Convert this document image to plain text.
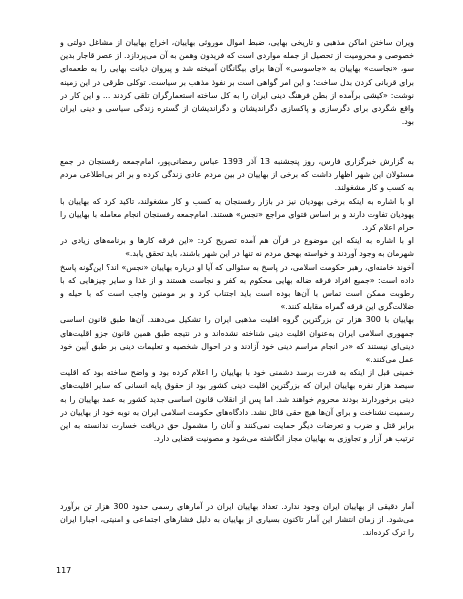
ویران ساختن اماکن مذهبی و تاریخی بهایی، ضبط اموال موروثی بهاییان، اخراج بهاییان از مشاغل دولتی و خصوصی و محرومیت از تحصیل از جمله مواردی است که فریدون وهمن به آن می‌پردازد. از عصر قاجار بدین سو، «نجاست» بهاییان به «جاسوسی» آن‌ها برای بیگانگان آمیخته شد و پیروان دیانت بهایی را به طعمه‌ای برای قربانی کردن بدل ساخت؛ و این امر گواهی است بر نفوذ مذهب بر سیاست. توکلی طرقی در این زمینه نوشت: «کیشی برآمده از بطن فرهنگ دینی ایران را به کل ساخته استعمارگران تلقی کردند ... و این کار در واقع شگردی برای دگرسازی و پاکسازی دگراندیشان و دگراندیشان از گستره زندگی سیاسی و دینی ایران بود.

به گزارش خبرگزاری فارس، روز پنجشنبه 13 آذر 1393 عباس رمضانی‌پور، امام‌جمعه رفسنجان در جمع مسئولان این شهر اظهار داشت که برخی از بهاییان در بین مردم عادی زندگی کرده و بر اثر بی‌اطلاعی مردم به کسب و کار مشغولند.

او با اشاره به اینکه برخی بهودیان نیز در بازار رفسنجان به کسب و کار مشغولند، تاکید کرد که بهاییان با یهودیان تفاوت دارند و بر اساس فتوای مراجع «نجس» هستند. امام‌جمعه رفسنجان انجام معامله با بهاییان را حرام اعلام کرد.

او با اشاره به اینکه این موضوع در قرآن هم آمده تصریح کرد: «این فرقه کارها و برنامه‌های زیادی در شهرمان به وجود آوردند و خواسته بهحق مردم نه تنها در این شهر باشند، باید تحقق یابد.»

آخوند خامنه‌ای، رهبر حکومت اسلامی، در پاسخ به سئوالی که آیا او درباره بهاییان «نجس» اند؟ این‌گونه پاسخ داده است: «جمیع افراد فرقه ضاله بهایی محکوم به کفر و نجاست هستند و از غذا و سایر چیزهایی که با رطوبت ممکن است تماس با آن‌ها بوده است باید اجتناب کرد و بر مومنین واجب است که با حیله و ضلالت‌گری این فرقه گمراه مقابله کنند.»

بهاییان با 300 هزار تن بزرگترین گروه اقلیت مذهبی ایران را تشکیل می‌دهند. آن‌ها طبق قانون اساسی جمهوری اسلامی ایران به‌عنوان اقلیت دینی شناخته نشده‌اند و در نتیجه طبق همین قانون جزو اقلیت‌های دینی‌ای نیستند که «در انجام مراسم دینی خود آزادند و در احوال شخصیه و تعلیمات دینی بر طبق آیین خود عمل می‌کنند.»

خمینی قبل از اینکه به قدرت برسد دشمنی خود با بهاییان را اعلام کرده بود و واضح ساخته بود که اقلیت سیصد هزار نفره بهاییان ایران که بزرگترین اقلیت دینی کشور بود از حقوق پایه انسانی که سایر اقلیت‌های دینی برخوردارند بودند محروم خواهند شد. اما پس از انقلاب قانون اساسی جدید کشور به عمد بهاییان را به رسمیت نشناخت و برای آن‌ها هیچ حقی قائل نشد. دادگاه‌های حکومت اسلامی ایران به نوبه خود از بهاییان در برابر قتل و ضرب و تعرضات دیگر حمایت نمی‌کنند و آنان را مشمول حق دریافت خسارت ندانسته به این ترتیب هر آزار و تجاوزی به بهاییان مجاز انگاشته می‌شود و مصونیت قضایی دارد.

آمار دقیقی از بهاییان ایران وجود ندارد. تعداد بهاییان ایران در آمارهای رسمی حدود 300 هزار تن برآورد می‌شود. از زمان انتشار این آمار تاکنون بسیاری از بهاییان به دلیل فشارهای اجتماعی و امنیتی، اجبارا ایران را ترک کرده‌اند.

117
